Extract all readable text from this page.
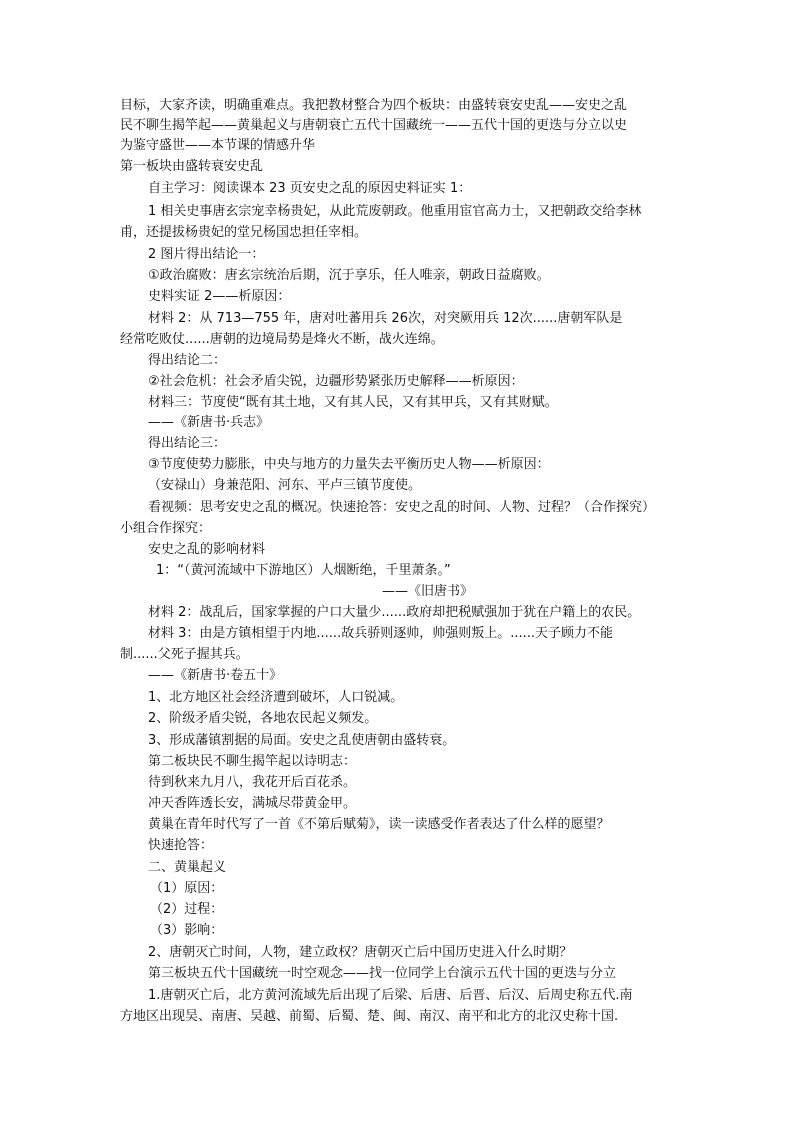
目标，大家齐读，明确重难点。我把教材整合为四个板块：由盛转衰安史乱——安史之乱
民不聊生揭竿起——黄巢起义与唐朝衰亡五代十国藏统一——五代十国的更迭与分立以史
为鉴守盛世——本节课的情感升华
第一板块由盛转衰安史乱
自主学习：阅读课本 23 页安史之乱的原因史料证实 1：
1 相关史事唐玄宗宠幸杨贵妃，从此荒废朝政。他重用宦官高力士，又把朝政交给李林
甫，还提拔杨贵妃的堂兄杨国忠担任宰相。
2 图片得出结论一：
①政治腐败：唐玄宗统治后期，沉于享乐，任人唯亲，朝政日益腐败。
史料实证 2——析原因：
材料 2：从 713—755 年，唐对吐蕃用兵 26次，对突厥用兵 12次......唐朝军队是
经常吃败仗......唐朝的边境局势是烽火不断，战火连绵。
得出结论二：
②社会危机：社会矛盾尖锐，边疆形势紧张历史解释——析原因：
材料三：节度使“既有其土地，又有其人民，又有其甲兵，又有其财赋。
——《新唐书·兵志》
得出结论三：
③节度使势力膨胀，中央与地方的力量失去平衡历史人物——析原因：
（安禄山）身兼范阳、河东、平卢三镇节度使。
看视频：思考安史之乱的概况。快速抢答：安史之乱的时间、人物、过程？（合作探究）
小组合作探究：
安史之乱的影响材料
1：“（黄河流域中下游地区）人烟断绝，千里萧条。”
——《旧唐书》
材料 2：战乱后，国家掌握的户口大量少......政府却把税赋强加于犹在户籍上的农民。
材料 3：由是方镇相望于内地......故兵骄则逐帅，帅强则叛上。......天子顾力不能
制......父死子握其兵。
——《新唐书·卷五十》
1、北方地区社会经济遭到破坏，人口锐减。
2、阶级矛盾尖锐，各地农民起义频发。
3、形成藩镇割据的局面。安史之乱使唐朝由盛转衰。
第二板块民不聊生揭竿起以诗明志：
待到秋来九月八，我花开后百花杀。
冲天香阵透长安，满城尽带黄金甲。
黄巢在青年时代写了一首《不第后赋菊》，读一读感受作者表达了什么样的愿望？
快速抢答：
二、黄巢起义
（1）原因：
（2）过程：
（3）影响：
2、唐朝灭亡时间，人物，建立政权？唐朝灭亡后中国历史进入什么时期？
第三板块五代十国藏统一时空观念——找一位同学上台演示五代十国的更迭与分立
1.唐朝灭亡后，北方黄河流域先后出现了后梁、后唐、后晋、后汉、后周史称五代.南
方地区出现吴、南唐、吴越、前蜀、后蜀、楚、闽、南汉、南平和北方的北汉史称十国.
